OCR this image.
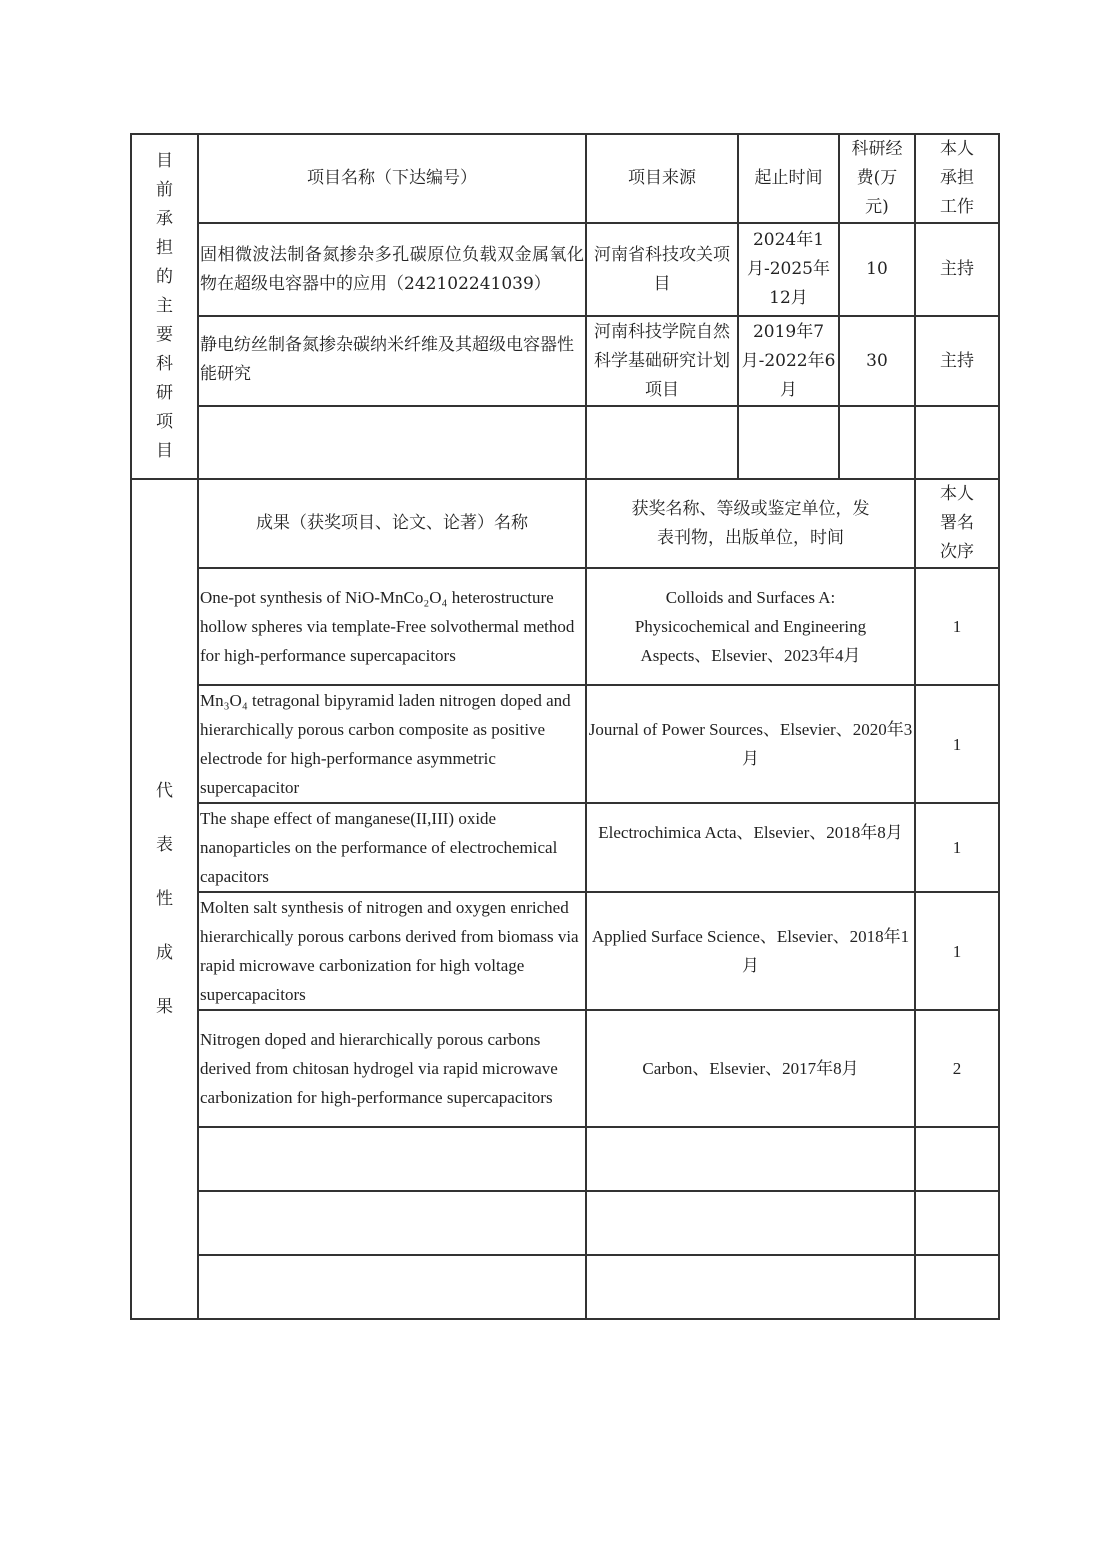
目前承担的主要科研项目	项目名称（下达编号）	项目来源	起止时间	科研经费(万元)	本人承担工作

	固相微波法制备氮掺杂多孔碳原位负载双金属氧化物在超级电容器中的应用（242102241039）	河南省科技攻关项目	2024年1月-2025年12月	10	主持
	静电纺丝制备氮掺杂碳纳米纤维及其超级电容器性能研究	河南科技学院自然科学基础研究计划项目	2019年7月-2022年6月	30	主持

代表性成果	成果（获奖项目、论文、论著）名称	获奖名称、等级或鉴定单位，发表刊物，出版单位，时间			本人署名次序

	One-pot synthesis of NiO-MnCo₂O₄ heterostructure hollow spheres via template-Free solvothermal method for high-performance supercapacitors	Colloids and Surfaces A: Physicochemical and Engineering Aspects、Elsevier、2023年4月			1
	Mn₃O₄ tetragonal bipyramid laden nitrogen doped and hierarchically porous carbon composite as positive electrode for high-performance asymmetric supercapacitor	Journal of Power Sources、Elsevier、2020年3月			1
	The shape effect of manganese(II,III) oxide nanoparticles on the performance of electrochemical capacitors	Electrochimica Acta、Elsevier、2018年8月			1
	Molten salt synthesis of nitrogen and oxygen enriched hierarchically porous carbons derived from biomass via rapid microwave carbonization for high voltage supercapacitors	Applied Surface Science、Elsevier、2018年1月			1
	Nitrogen doped and hierarchically porous carbons derived from chitosan hydrogel via rapid microwave carbonization for high-performance supercapacitors	Carbon、Elsevier、2017年8月			2
